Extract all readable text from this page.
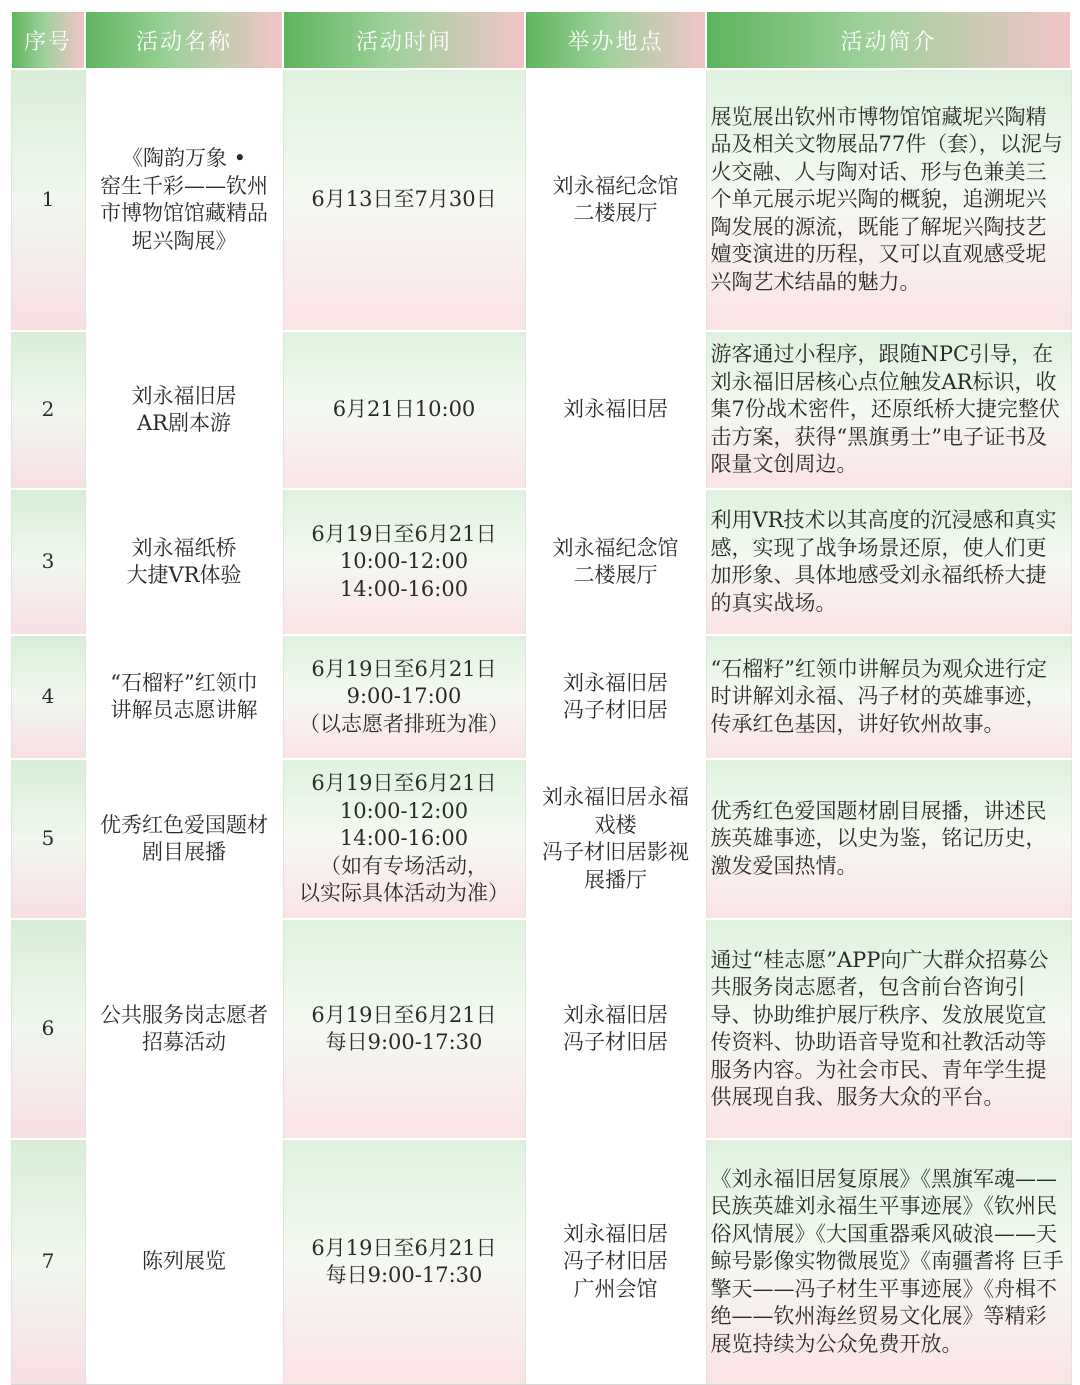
序号	活动名称	活动时间	举办地点	活动简介
1	《陶韵万象 •
窑生千彩——钦州
市博物馆馆藏精品
坭兴陶展》	6月13日至7月30日	刘永福纪念馆
二楼展厅	展览展出钦州市博物馆馆藏坭兴陶精品及相关文物展品77件（套），以泥与火交融、人与陶对话、形与色兼美三个单元展示坭兴陶的概貌，追溯坭兴陶发展的源流，既能了解坭兴陶技艺嬗变演进的历程，又可以直观感受坭兴陶艺术结晶的魅力。
2	刘永福旧居
AR剧本游	6月21日10:00	刘永福旧居	游客通过小程序，跟随NPC引导，在刘永福旧居核心点位触发AR标识，收集7份战术密件，还原纸桥大捷完整伏击方案，获得“黑旗勇士”电子证书及限量文创周边。
3	刘永福纸桥
大捷VR体验	6月19日至6月21日
10:00-12:00
14:00-16:00	刘永福纪念馆
二楼展厅	利用VR技术以其高度的沉浸感和真实感，实现了战争场景还原，使人们更加形象、具体地感受刘永福纸桥大捷的真实战场。
4	“石榴籽”红领巾
讲解员志愿讲解	6月19日至6月21日
9:00-17:00
（以志愿者排班为准）	刘永福旧居
冯子材旧居	“石榴籽”红领巾讲解员为观众进行定时讲解刘永福、冯子材的英雄事迹，传承红色基因，讲好钦州故事。
5	优秀红色爱国题材
剧目展播	6月19日至6月21日
10:00-12:00
14:00-16:00
（如有专场活动，
以实际具体活动为准）	刘永福旧居永福
戏楼
冯子材旧居影视
展播厅	优秀红色爱国题材剧目展播，讲述民族英雄事迹，以史为鉴，铭记历史，激发爱国热情。
6	公共服务岗志愿者
招募活动	6月19日至6月21日
每日9:00-17:30	刘永福旧居
冯子材旧居	通过“桂志愿”APP向广大群众招募公共服务岗志愿者，包含前台咨询引导、协助维护展厅秩序、发放展览宣传资料、协助语音导览和社教活动等服务内容。为社会市民、青年学生提供展现自我、服务大众的平台。
7	陈列展览	6月19日至6月21日
每日9:00-17:30	刘永福旧居
冯子材旧居
广州会馆	《刘永福旧居复原展》《黑旗军魂——民族英雄刘永福生平事迹展》《钦州民俗风情展》《大国重器乘风破浪——天鲸号影像实物微展览》《南疆耆将 巨手擎天——冯子材生平事迹展》《舟楫不绝——钦州海丝贸易文化展》等精彩展览持续为公众免费开放。
